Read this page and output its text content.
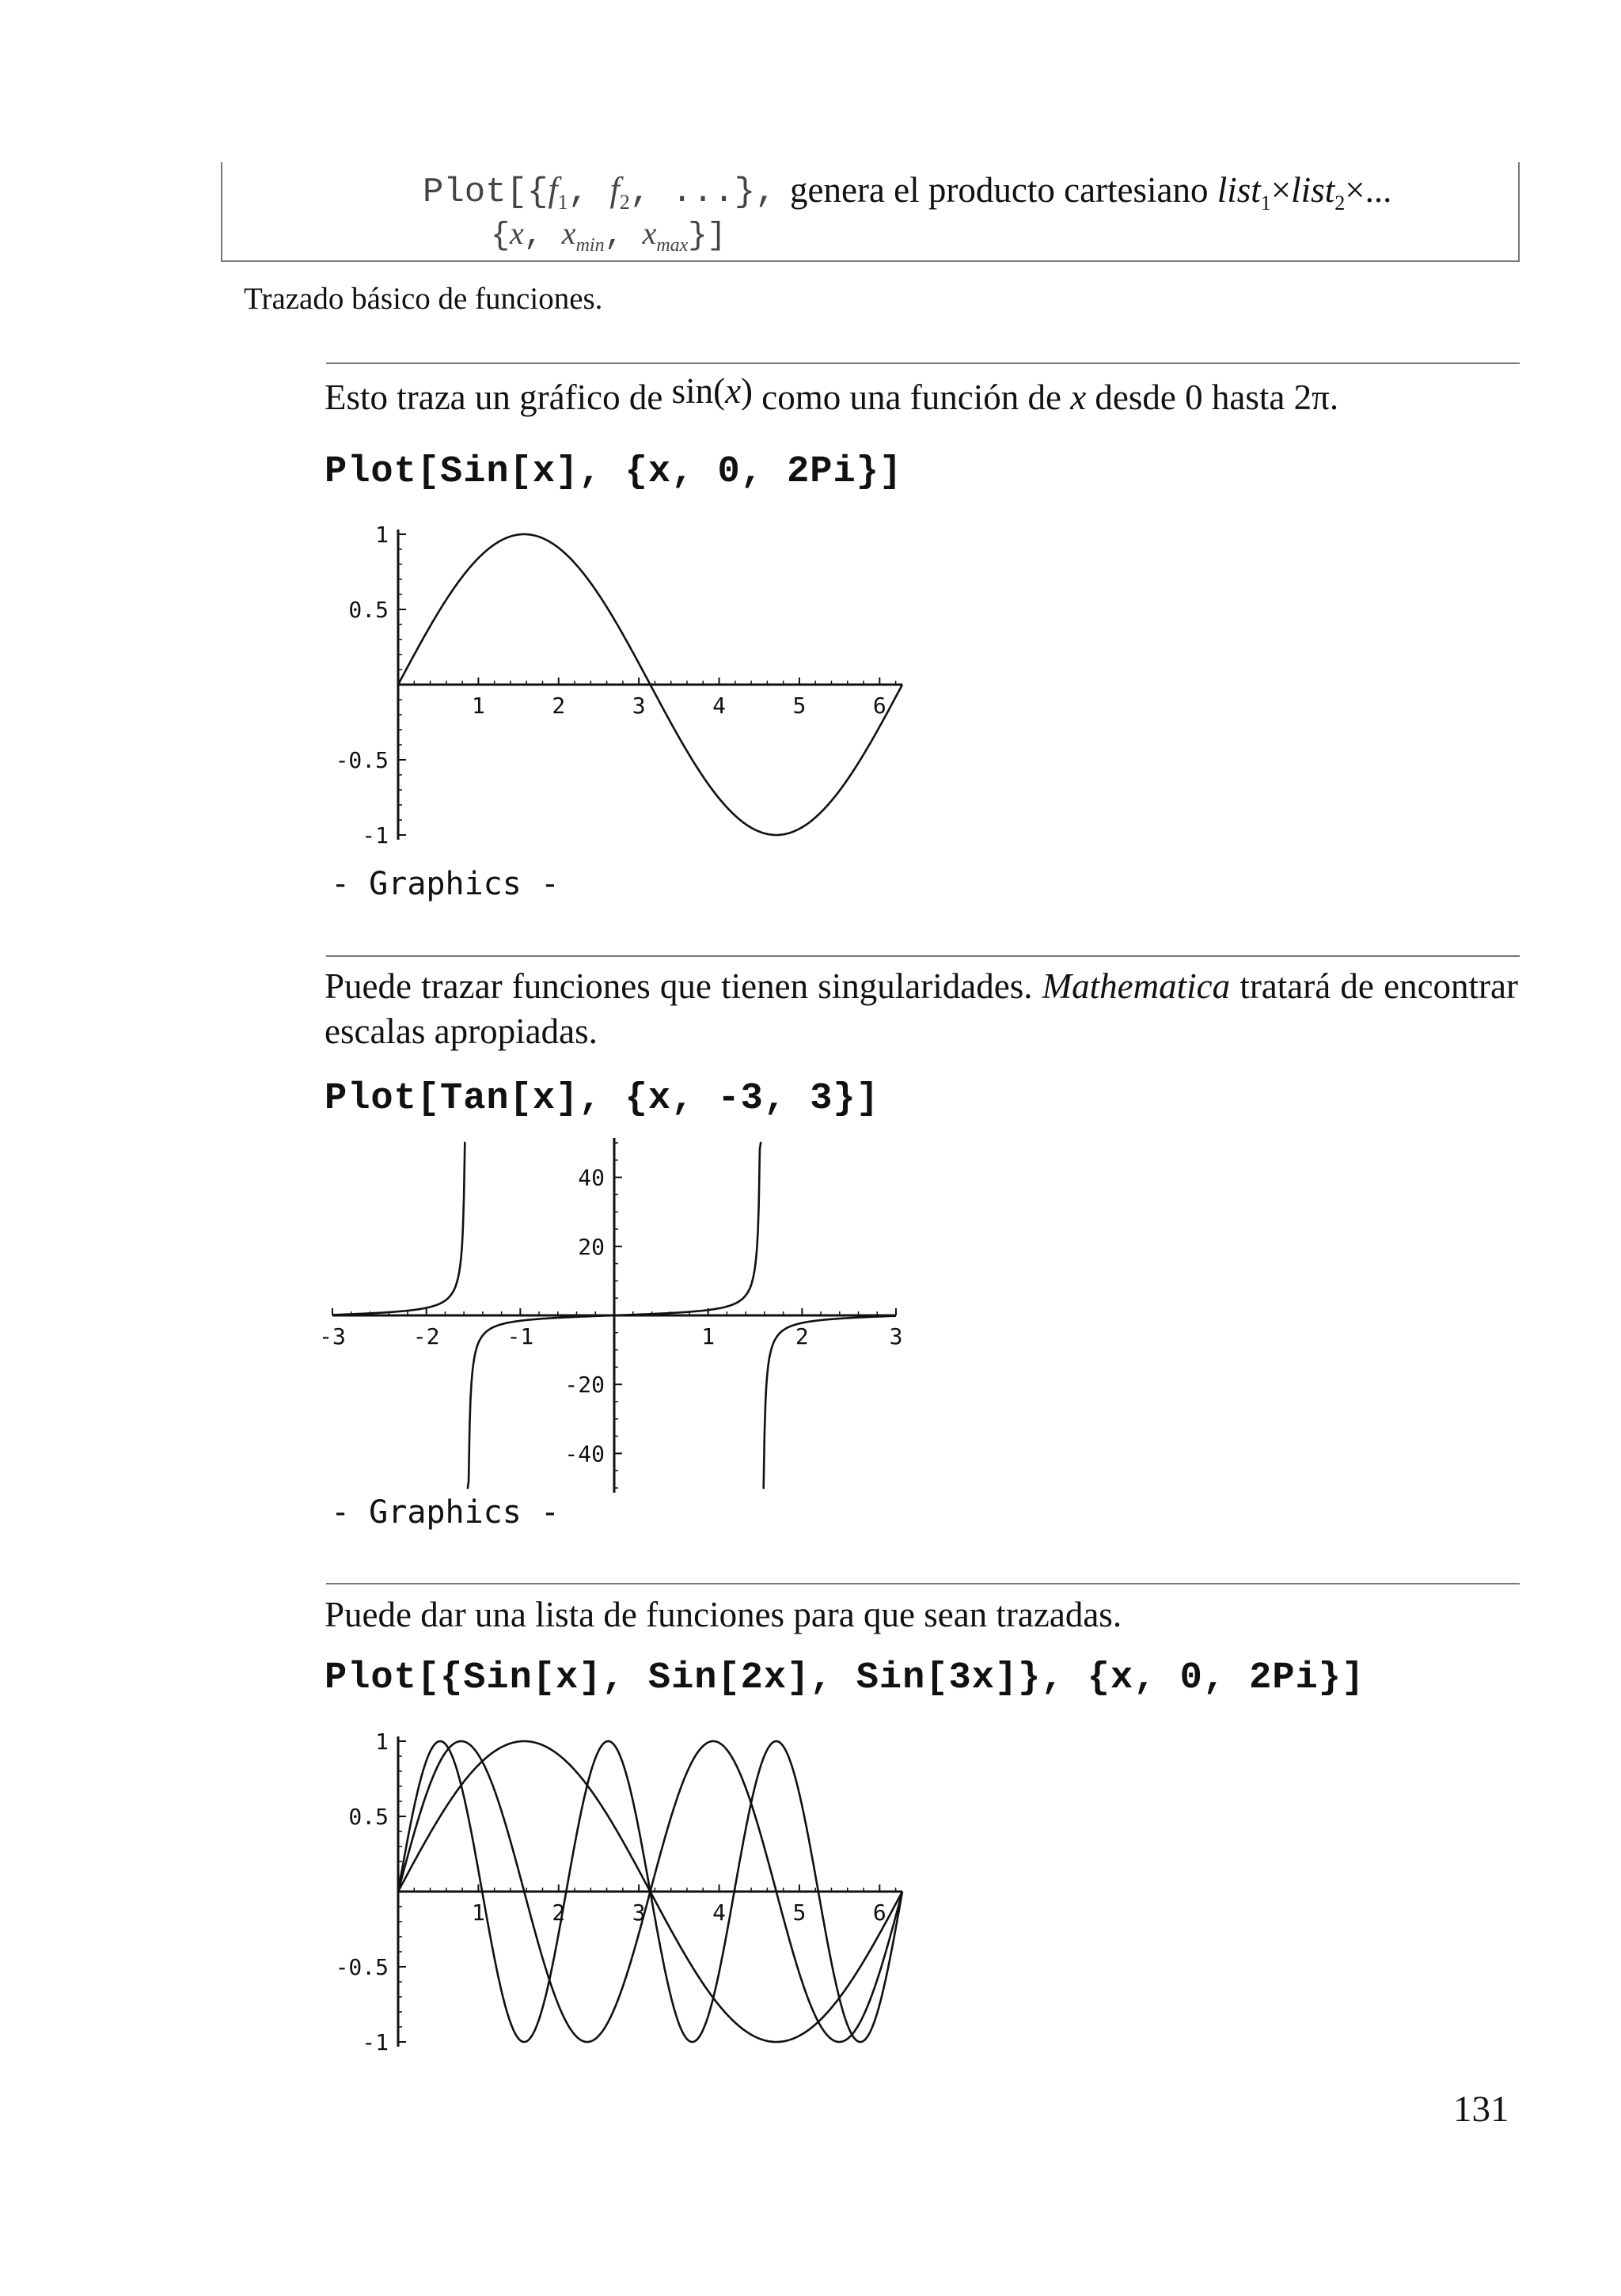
$Plot[\{f_1$, $f_2$, ...},
{x, $x_{min}$, $x_{max}$}]
genera el producto cartesiano list$_1$×list$_2$×...
Trazado básico de funciones.
Esto traza un gráfico de sin(x) como una función de x desde 0 hasta 2π.
Plot[Sin[x], {x, 0, 2Pi}]
1	2	3	4	5	6
1
0.5
-0.5
-1
- Graphics -
Puede trazar funciones que tienen singularidades. Mathematica tratará de encontrar escalas apropiadas.
Plot[Tan[x], {x, -3, 3}]
-3	-2	-1	1	2	3
40
20
-20
-40
- Graphics -
Puede dar una lista de funciones para que sean trazadas.
Plot[{Sin[x], Sin[2x], Sin[3x]}, {x, 0, 2Pi}]
1	2	3	4	5	6
1
0.5
-0.5
-1
131
